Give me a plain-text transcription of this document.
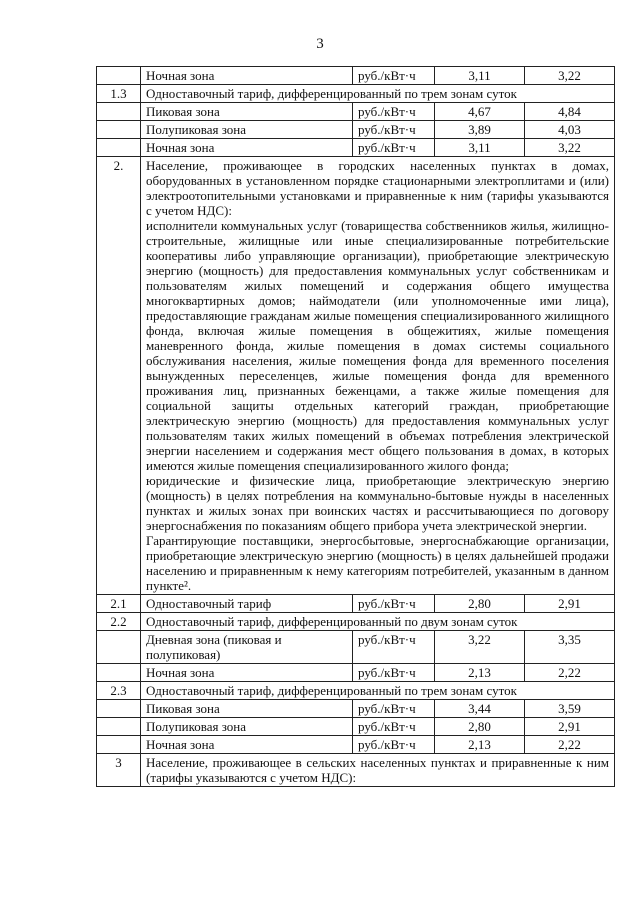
3
	Ночная зона	руб./кВт·ч	3,11	3,22
1.3	Одноставочный тариф, дифференцированный по трем зонам суток			
	Пиковая зона	руб./кВт·ч	4,67	4,84
	Полупиковая зона	руб./кВт·ч	3,89	4,03
	Ночная зона	руб./кВт·ч	3,11	3,22
2.	Население, проживающее в городских населенных пунктах в домах, оборудованных в установленном порядке стационарными электроплитами и (или) электроотопительными установками и приравненные к ним (тарифы указываются с учетом НДС):

исполнители коммунальных услуг (товарищества собственников жилья, жилищно-строительные, жилищные или иные специализированные потребительские кооперативы либо управляющие организации), приобретающие электрическую энергию (мощность) для предоставления коммунальных услуг собственникам и пользователям жилых помещений и содержания общего имущества многоквартирных домов; наймодатели (или уполномоченные ими лица), предоставляющие гражданам жилые помещения специализированного жилищного фонда, включая жилые помещения в общежитиях, жилые помещения маневренного фонда, жилые помещения в домах системы социального обслуживания населения, жилые помещения фонда для временного поселения вынужденных переселенцев, жилые помещения фонда для временного проживания лиц, признанных беженцами, а также жилые помещения для социальной защиты отдельных категорий граждан, приобретающие электрическую энергию (мощность) для предоставления коммунальных услуг пользователям таких жилых помещений в объемах потребления электрической энергии населением и содержания мест общего пользования в домах, в которых имеются жилые помещения специализированного жилого фонда;

юридические и физические лица, приобретающие электрическую энергию (мощность) в целях потребления на коммунально-бытовые нужды в населенных пунктах и жилых зонах при воинских частях и рассчитывающиеся по договору энергоснабжения по показаниям общего прибора учета электрической энергии.

Гарантирующие поставщики, энергосбытовые, энергоснабжающие организации, приобретающие электрическую энергию (мощность) в целях дальнейшей продажи населению и приравненным к нему категориям потребителей, указанным в данном пункте².			

2.1	Одноставочный тариф	руб./кВт·ч	2,80	2,91
2.2	Одноставочный тариф, дифференцированный по двум зонам суток			
	Дневная зона (пиковая и полупиковая)	руб./кВт·ч	3,22	3,35
	Ночная зона	руб./кВт·ч	2,13	2,22
2.3	Одноставочный тариф, дифференцированный по трем зонам суток			
	Пиковая зона	руб./кВт·ч	3,44	3,59
	Полупиковая зона	руб./кВт·ч	2,80	2,91
	Ночная зона	руб./кВт·ч	2,13	2,22
3	Население, проживающее в сельских населенных пунктах и приравненные к ним (тарифы указываются с учетом НДС):			
